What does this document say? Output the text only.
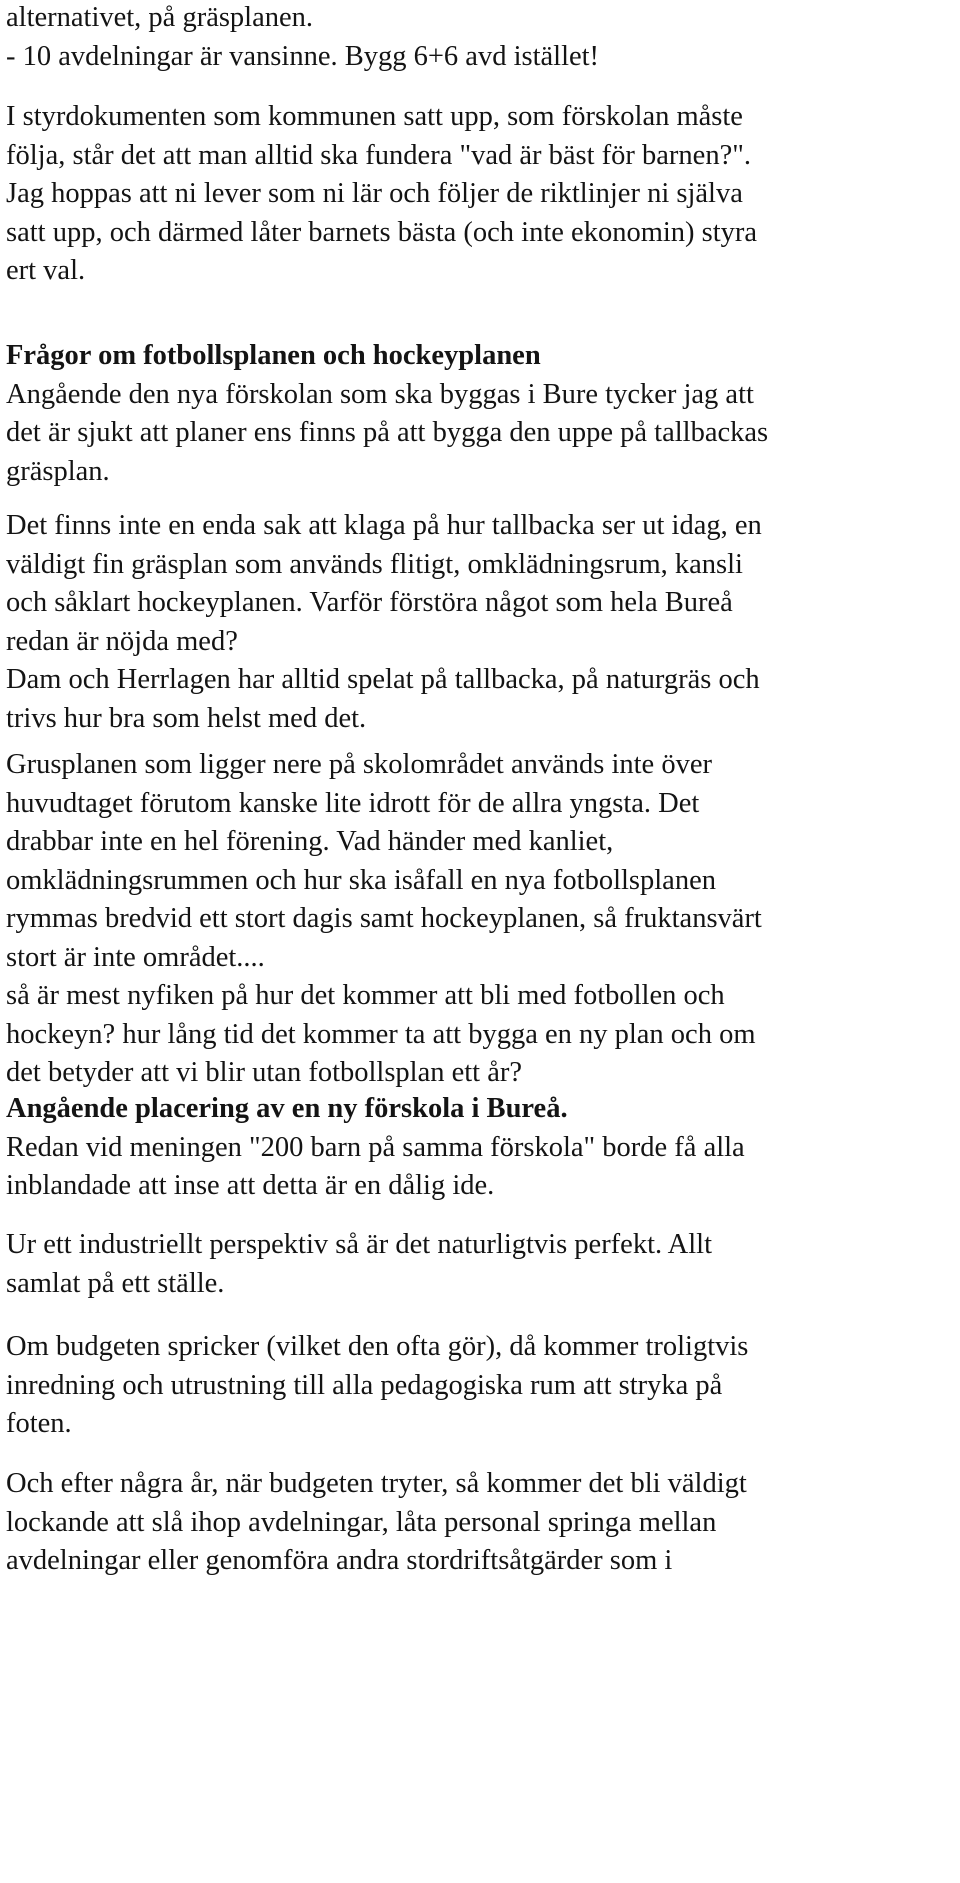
alternativet, på gräsplanen.
- 10 avdelningar är vansinne. Bygg 6+6 avd istället!
I styrdokumenten som kommunen satt upp, som förskolan måste
följa, står det att man alltid ska fundera "vad är bäst för barnen?".
Jag hoppas att ni lever som ni lär och följer de riktlinjer ni själva
satt upp, och därmed låter barnets bästa (och inte ekonomin) styra
ert val.
Frågor om fotbollsplanen och hockeyplanen
Angående den nya förskolan som ska byggas i Bure tycker jag att
det är sjukt att planer ens finns på att bygga den uppe på tallbackas
gräsplan.
Det finns inte en enda sak att klaga på hur tallbacka ser ut idag, en
väldigt fin gräsplan som används flitigt, omklädningsrum, kansli
och såklart hockeyplanen. Varför förstöra något som hela Bureå
redan är nöjda med?
Dam och Herrlagen har alltid spelat på tallbacka, på naturgräs och
trivs hur bra som helst med det.
Grusplanen som ligger nere på skolområdet används inte över
huvudtaget förutom kanske lite idrott för de allra yngsta. Det
drabbar inte en hel förening. Vad händer med kanliet,
omklädningsrummen och hur ska isåfall en nya fotbollsplanen
rymmas bredvid ett stort dagis samt hockeyplanen, så fruktansvärt
stort är inte området....
så är mest nyfiken på hur det kommer att bli med fotbollen och
hockeyn? hur lång tid det kommer ta att bygga en ny plan och om
det betyder att vi blir utan fotbollsplan ett år?
Angående placering av en ny förskola i Bureå.
Redan vid meningen "200 barn på samma förskola" borde få alla
inblandade att inse att detta är en dålig ide.
Ur ett industriellt perspektiv så är det naturligtvis perfekt. Allt
samlat på ett ställe.
Om budgeten spricker (vilket den ofta gör), då kommer troligtvis
inredning och utrustning till alla pedagogiska rum att stryka på
foten.
Och efter några år, när budgeten tryter, så kommer det bli väldigt
lockande att slå ihop avdelningar, låta personal springa mellan
avdelningar eller genomföra andra stordriftsåtgärder som i
